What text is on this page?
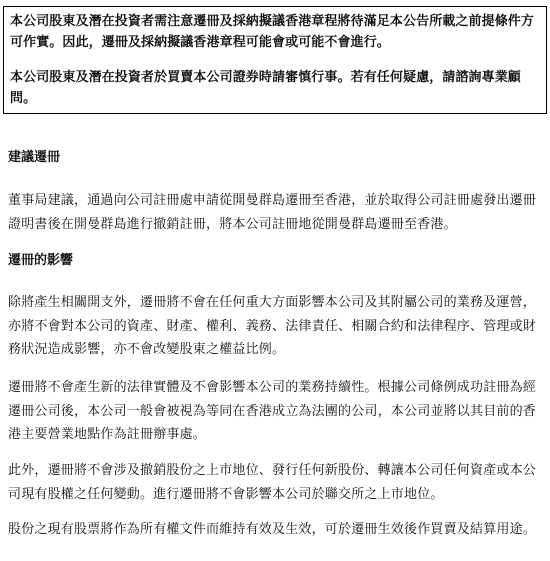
本公司股東及潛在投資者需注意遷冊及採納擬議香港章程將待滿足本公告所載之前提條件方可作實。因此，遷冊及採納擬議香港章程可能會或可能不會進行。

本公司股東及潛在投資者於買賣本公司證券時請審慎行事。若有任何疑慮，請諮詢專業顧問。

建議遷冊

董事局建議，通過向公司註冊處申請從開曼群島遷冊至香港，並於取得公司註冊處發出遷冊證明書後在開曼群島進行撤銷註冊，將本公司註冊地從開曼群島遷冊至香港。

遷冊的影響

除將產生相關開支外，遷冊將不會在任何重大方面影響本公司及其附屬公司的業務及運營，亦將不會對本公司的資產、財產、權利、義務、法律責任、相關合約和法律程序、管理或財務狀況造成影響，亦不會改變股東之權益比例。

遷冊將不會產生新的法律實體及不會影響本公司的業務持續性。根據公司條例成功註冊為經遷冊公司後，本公司一般會被視為等同在香港成立為法團的公司，本公司並將以其目前的香港主要營業地點作為註冊辦事處。

此外，遷冊將不會涉及撤銷股份之上市地位、發行任何新股份、轉讓本公司任何資產或本公司現有股權之任何變動。進行遷冊將不會影響本公司於聯交所之上市地位。

股份之現有股票將作為所有權文件而維持有效及生效，可於遷冊生效後作買賣及結算用途。
